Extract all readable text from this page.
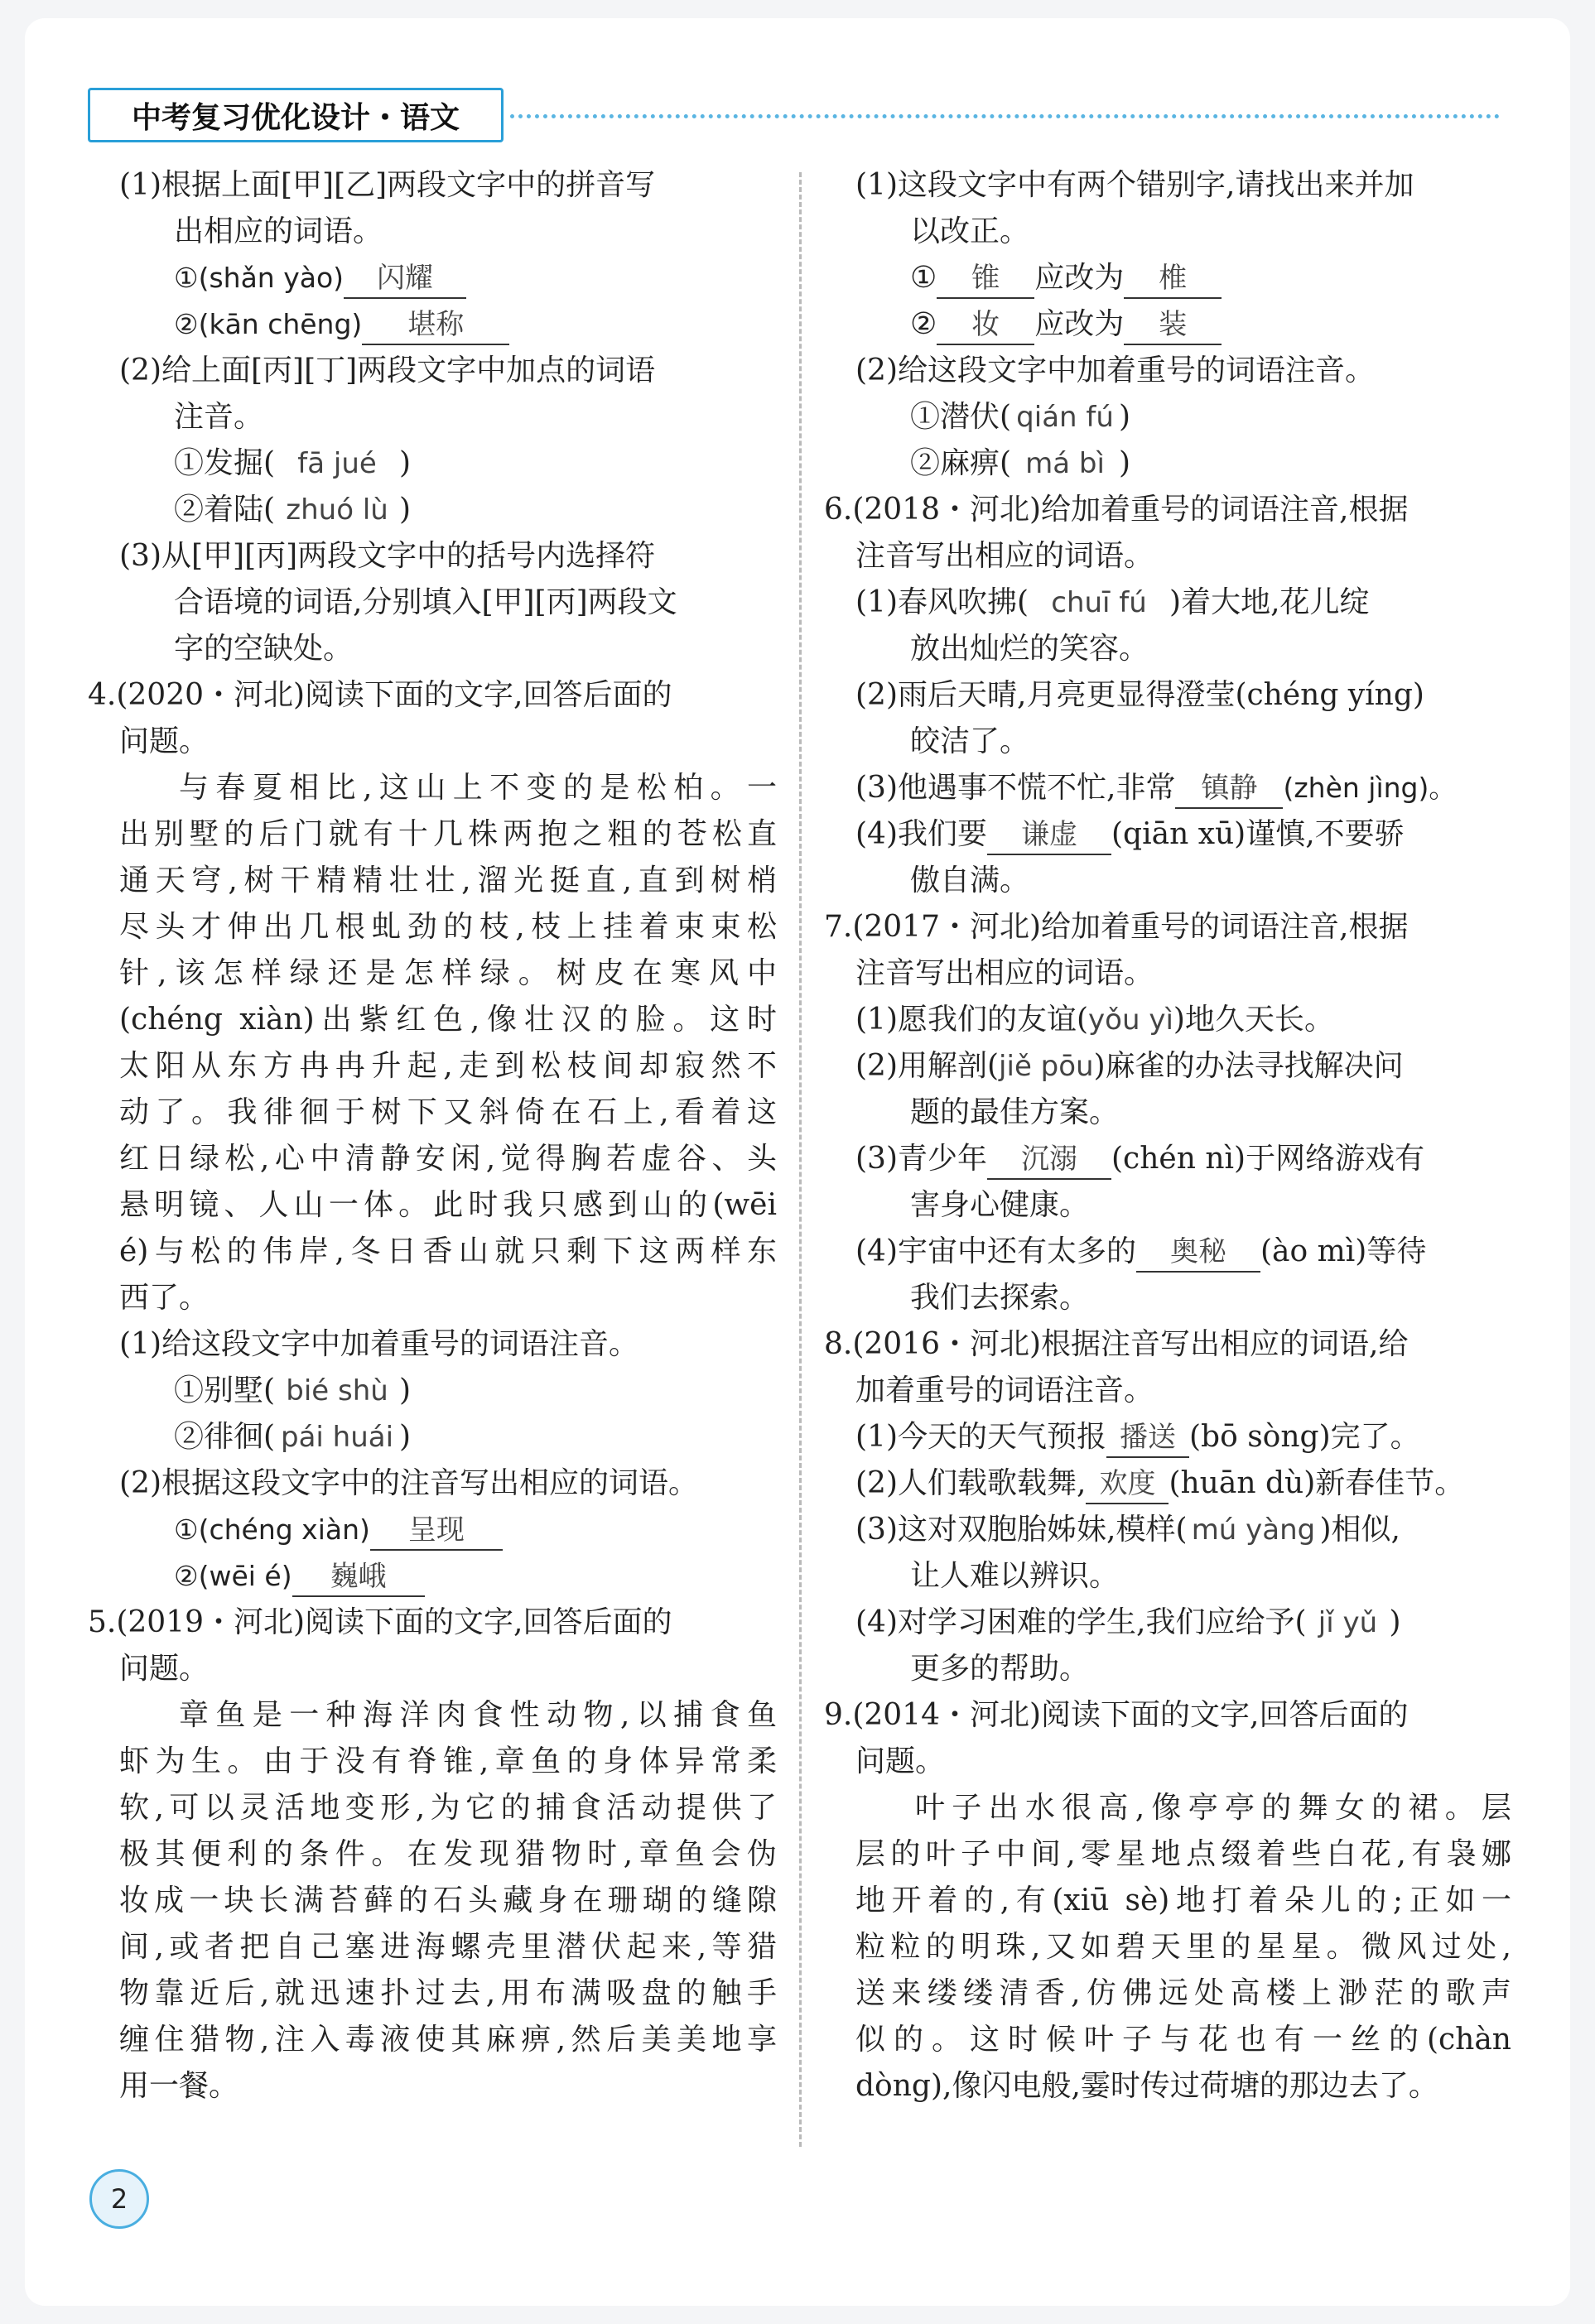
中考复习优化设计・语文
(1)根据上面[甲][乙]两段文字中的拼音写
出相应的词语。
①(shǎn yào) 闪耀
②(kān chēng) 堪称
(2)给上面[丙][丁]两段文字中加点的词语
注音。
①发掘( fā jué )
②着陆( zhuó lù )
(3)从[甲][丙]两段文字中的括号内选择符
合语境的词语,分别填入[甲][丙]两段文
字的空缺处。
4.(2020・河北)阅读下面的文字,回答后面的
问题。
与春夏相比,这山上不变的是松柏。一
出别墅的后门就有十几株两抱之粗的苍松直
通天穹,树干精精壮壮,溜光挺直,直到树梢
尽头才伸出几根虬劲的枝,枝上挂着束束松
针,该怎样绿还是怎样绿。树皮在寒风中
(chéng xiàn)出紫红色,像壮汉的脸。这时
太阳从东方冉冉升起,走到松枝间却寂然不
动了。我徘徊于树下又斜倚在石上,看着这
红日绿松,心中清静安闲,觉得胸若虚谷、头
悬明镜、人山一体。此时我只感到山的(wēi
é)与松的伟岸,冬日香山就只剩下这两样东
西了。
(1)给这段文字中加着重号的词语注音。
①别墅( bié shù )
②徘徊( pái huái )
(2)根据这段文字中的注音写出相应的词语。
①(chéng xiàn) 呈现
②(wēi é) 巍峨
5.(2019・河北)阅读下面的文字,回答后面的
问题。
章鱼是一种海洋肉食性动物,以捕食鱼
虾为生。由于没有脊锥,章鱼的身体异常柔
软,可以灵活地变形,为它的捕食活动提供了
极其便利的条件。在发现猎物时,章鱼会伪
妆成一块长满苔藓的石头藏身在珊瑚的缝隙
间,或者把自己塞进海螺壳里潜伏起来,等猎
物靠近后,就迅速扑过去,用布满吸盘的触手
缠住猎物,注入毒液使其麻痹,然后美美地享
用一餐。
(1)这段文字中有两个错别字,请找出来并加
以改正。
① 锥 应改为 椎
② 妆 应改为 装
(2)给这段文字中加着重号的词语注音。
①潜伏( qián fú )
②麻痹( má bì )
6.(2018・河北)给加着重号的词语注音,根据
注音写出相应的词语。
(1)春风吹拂( chuī fú )着大地,花儿绽
放出灿烂的笑容。
(2)雨后天晴,月亮更显得澄莹(chéng yíng)
皎洁了。
(3)他遇事不慌不忙,非常 镇静 (zhèn jìng)。
(4)我们要 谦虚 (qiān xū)谨慎,不要骄
傲自满。
7.(2017・河北)给加着重号的词语注音,根据
注音写出相应的词语。
(1)愿我们的友谊(yǒu yì)地久天长。
(2)用解剖(jiě pōu)麻雀的办法寻找解决问
题的最佳方案。
(3)青少年 沉溺 (chén nì)于网络游戏有
害身心健康。
(4)宇宙中还有太多的 奥秘 (ào mì)等待
我们去探索。
8.(2016・河北)根据注音写出相应的词语,给
加着重号的词语注音。
(1)今天的天气预报 播送 (bō sòng)完了。
(2)人们载歌载舞, 欢度 (huān dù)新春佳节。
(3)这对双胞胎姊妹,模样( mú yàng )相似,
让人难以辨识。
(4)对学习困难的学生,我们应给予( jǐ yǔ )
更多的帮助。
9.(2014・河北)阅读下面的文字,回答后面的
问题。
叶子出水很高,像亭亭的舞女的裙。层
层的叶子中间,零星地点缀着些白花,有袅娜
地开着的,有(xiū sè)地打着朵儿的;正如一
粒粒的明珠,又如碧天里的星星。微风过处,
送来缕缕清香,仿佛远处高楼上渺茫的歌声
似的。这时候叶子与花也有一丝的(chàn
dòng),像闪电般,霎时传过荷塘的那边去了。
2
